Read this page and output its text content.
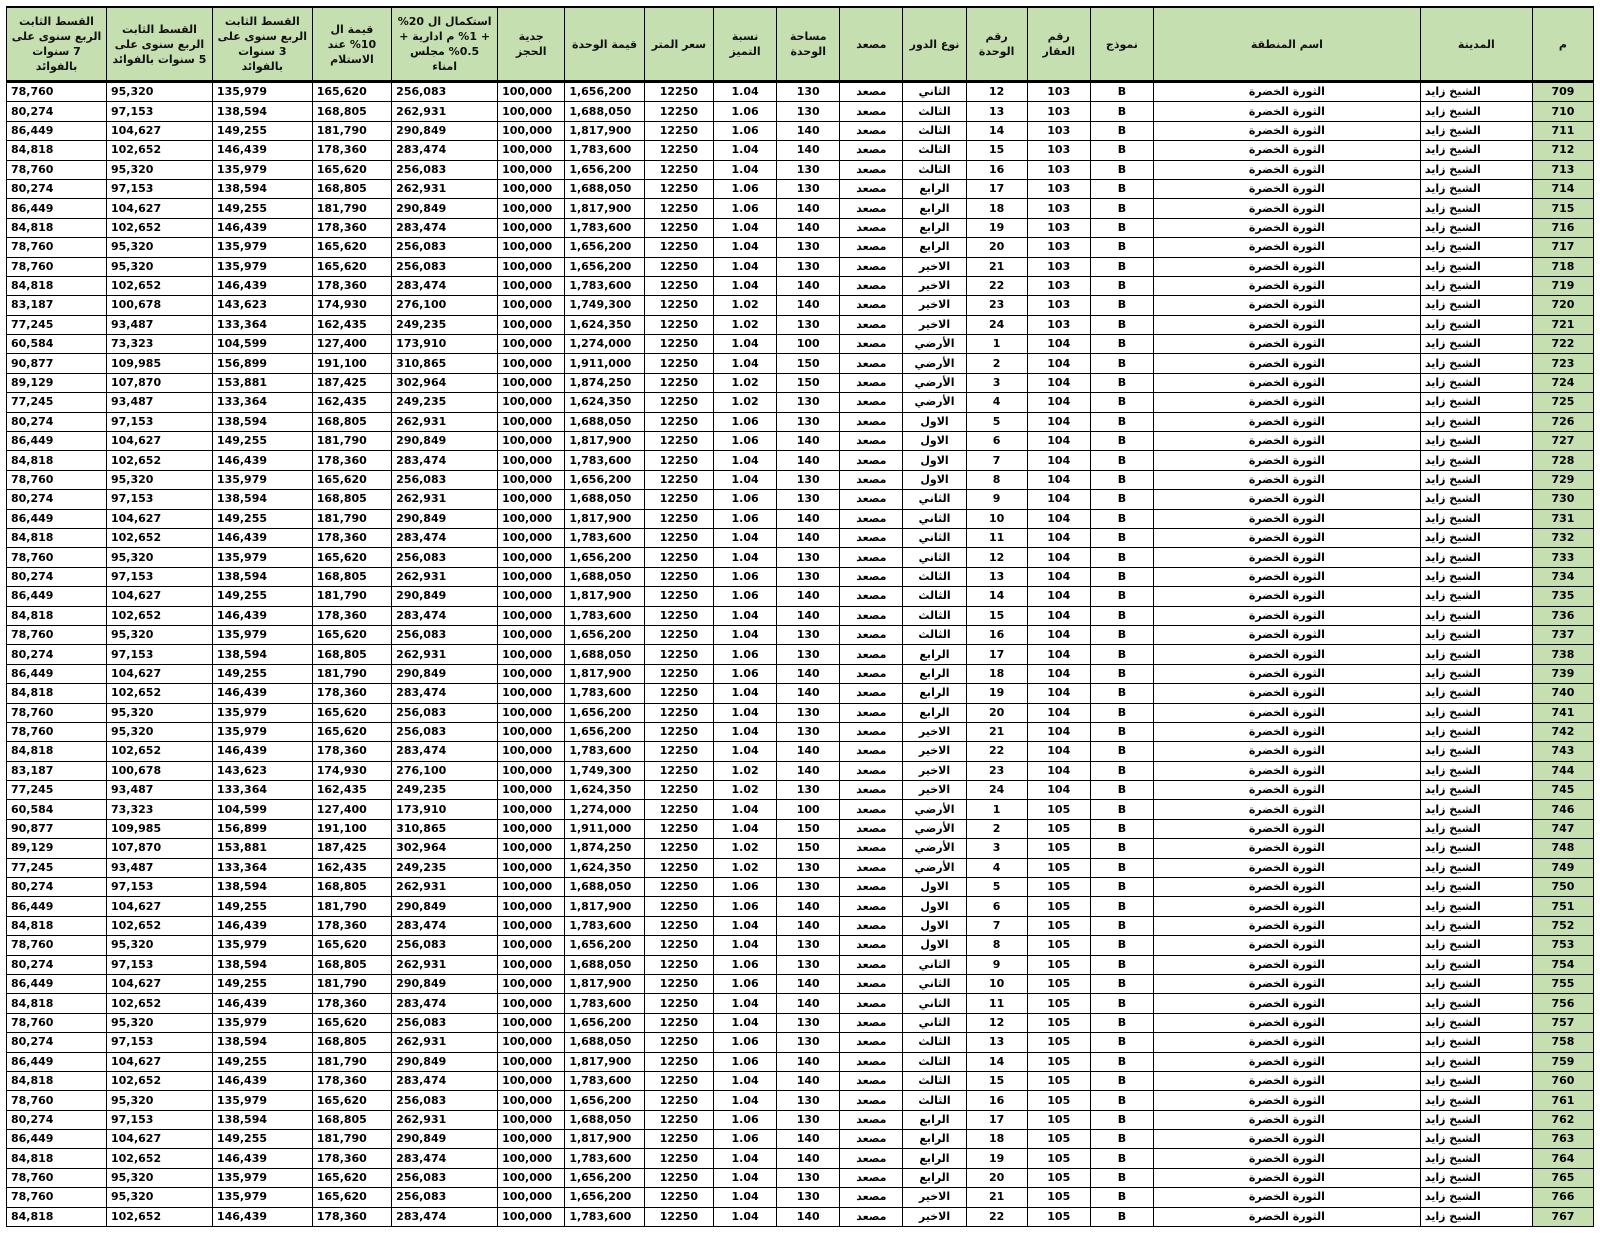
م	المدينة	اسم المنطقة	نموذج	رقم العقار	رقم الوحدة	نوع الدور	مصعد	مساحة الوحدة	نسبة التميز	سعر المتر	قيمة الوحدة	جدية الحجز	استكمال ال 20% + 1% م ادارية + 0.5% مجلس امناء	قيمة ال 10% عند الاستلام	القسط الثابت الربع سنوى على 3 سنوات بالفوائد	القسط الثابت الربع سنوى على 5 سنوات بالفوائد	القسط الثابت الربع سنوى على 7 سنوات بالفوائد
709	الشيخ زايد	الثورة الخضرة	B	103	12	الثاني	مصعد	130	1.04	12250	1,656,200	100,000	256,083	165,620	135,979	95,320	78,760
710	الشيخ زايد	الثورة الخضرة	B	103	13	الثالث	مصعد	130	1.06	12250	1,688,050	100,000	262,931	168,805	138,594	97,153	80,274
711	الشيخ زايد	الثورة الخضرة	B	103	14	الثالث	مصعد	140	1.06	12250	1,817,900	100,000	290,849	181,790	149,255	104,627	86,449
712	الشيخ زايد	الثورة الخضرة	B	103	15	الثالث	مصعد	140	1.04	12250	1,783,600	100,000	283,474	178,360	146,439	102,652	84,818
713	الشيخ زايد	الثورة الخضرة	B	103	16	الثالث	مصعد	130	1.04	12250	1,656,200	100,000	256,083	165,620	135,979	95,320	78,760
714	الشيخ زايد	الثورة الخضرة	B	103	17	الرابع	مصعد	130	1.06	12250	1,688,050	100,000	262,931	168,805	138,594	97,153	80,274
715	الشيخ زايد	الثورة الخضرة	B	103	18	الرابع	مصعد	140	1.06	12250	1,817,900	100,000	290,849	181,790	149,255	104,627	86,449
716	الشيخ زايد	الثورة الخضرة	B	103	19	الرابع	مصعد	140	1.04	12250	1,783,600	100,000	283,474	178,360	146,439	102,652	84,818
717	الشيخ زايد	الثورة الخضرة	B	103	20	الرابع	مصعد	130	1.04	12250	1,656,200	100,000	256,083	165,620	135,979	95,320	78,760
718	الشيخ زايد	الثورة الخضرة	B	103	21	الاخير	مصعد	130	1.04	12250	1,656,200	100,000	256,083	165,620	135,979	95,320	78,760
719	الشيخ زايد	الثورة الخضرة	B	103	22	الاخير	مصعد	140	1.04	12250	1,783,600	100,000	283,474	178,360	146,439	102,652	84,818
720	الشيخ زايد	الثورة الخضرة	B	103	23	الاخير	مصعد	140	1.02	12250	1,749,300	100,000	276,100	174,930	143,623	100,678	83,187
721	الشيخ زايد	الثورة الخضرة	B	103	24	الاخير	مصعد	130	1.02	12250	1,624,350	100,000	249,235	162,435	133,364	93,487	77,245
722	الشيخ زايد	الثورة الخضرة	B	104	1	الأرضي	مصعد	100	1.04	12250	1,274,000	100,000	173,910	127,400	104,599	73,323	60,584
723	الشيخ زايد	الثورة الخضرة	B	104	2	الأرضي	مصعد	150	1.04	12250	1,911,000	100,000	310,865	191,100	156,899	109,985	90,877
724	الشيخ زايد	الثورة الخضرة	B	104	3	الأرضي	مصعد	150	1.02	12250	1,874,250	100,000	302,964	187,425	153,881	107,870	89,129
725	الشيخ زايد	الثورة الخضرة	B	104	4	الأرضي	مصعد	130	1.02	12250	1,624,350	100,000	249,235	162,435	133,364	93,487	77,245
726	الشيخ زايد	الثورة الخضرة	B	104	5	الاول	مصعد	130	1.06	12250	1,688,050	100,000	262,931	168,805	138,594	97,153	80,274
727	الشيخ زايد	الثورة الخضرة	B	104	6	الاول	مصعد	140	1.06	12250	1,817,900	100,000	290,849	181,790	149,255	104,627	86,449
728	الشيخ زايد	الثورة الخضرة	B	104	7	الاول	مصعد	140	1.04	12250	1,783,600	100,000	283,474	178,360	146,439	102,652	84,818
729	الشيخ زايد	الثورة الخضرة	B	104	8	الاول	مصعد	130	1.04	12250	1,656,200	100,000	256,083	165,620	135,979	95,320	78,760
730	الشيخ زايد	الثورة الخضرة	B	104	9	الثاني	مصعد	130	1.06	12250	1,688,050	100,000	262,931	168,805	138,594	97,153	80,274
731	الشيخ زايد	الثورة الخضرة	B	104	10	الثاني	مصعد	140	1.06	12250	1,817,900	100,000	290,849	181,790	149,255	104,627	86,449
732	الشيخ زايد	الثورة الخضرة	B	104	11	الثاني	مصعد	140	1.04	12250	1,783,600	100,000	283,474	178,360	146,439	102,652	84,818
733	الشيخ زايد	الثورة الخضرة	B	104	12	الثاني	مصعد	130	1.04	12250	1,656,200	100,000	256,083	165,620	135,979	95,320	78,760
734	الشيخ زايد	الثورة الخضرة	B	104	13	الثالث	مصعد	130	1.06	12250	1,688,050	100,000	262,931	168,805	138,594	97,153	80,274
735	الشيخ زايد	الثورة الخضرة	B	104	14	الثالث	مصعد	140	1.06	12250	1,817,900	100,000	290,849	181,790	149,255	104,627	86,449
736	الشيخ زايد	الثورة الخضرة	B	104	15	الثالث	مصعد	140	1.04	12250	1,783,600	100,000	283,474	178,360	146,439	102,652	84,818
737	الشيخ زايد	الثورة الخضرة	B	104	16	الثالث	مصعد	130	1.04	12250	1,656,200	100,000	256,083	165,620	135,979	95,320	78,760
738	الشيخ زايد	الثورة الخضرة	B	104	17	الرابع	مصعد	130	1.06	12250	1,688,050	100,000	262,931	168,805	138,594	97,153	80,274
739	الشيخ زايد	الثورة الخضرة	B	104	18	الرابع	مصعد	140	1.06	12250	1,817,900	100,000	290,849	181,790	149,255	104,627	86,449
740	الشيخ زايد	الثورة الخضرة	B	104	19	الرابع	مصعد	140	1.04	12250	1,783,600	100,000	283,474	178,360	146,439	102,652	84,818
741	الشيخ زايد	الثورة الخضرة	B	104	20	الرابع	مصعد	130	1.04	12250	1,656,200	100,000	256,083	165,620	135,979	95,320	78,760
742	الشيخ زايد	الثورة الخضرة	B	104	21	الاخير	مصعد	130	1.04	12250	1,656,200	100,000	256,083	165,620	135,979	95,320	78,760
743	الشيخ زايد	الثورة الخضرة	B	104	22	الاخير	مصعد	140	1.04	12250	1,783,600	100,000	283,474	178,360	146,439	102,652	84,818
744	الشيخ زايد	الثورة الخضرة	B	104	23	الاخير	مصعد	140	1.02	12250	1,749,300	100,000	276,100	174,930	143,623	100,678	83,187
745	الشيخ زايد	الثورة الخضرة	B	104	24	الاخير	مصعد	130	1.02	12250	1,624,350	100,000	249,235	162,435	133,364	93,487	77,245
746	الشيخ زايد	الثورة الخضرة	B	105	1	الأرضي	مصعد	100	1.04	12250	1,274,000	100,000	173,910	127,400	104,599	73,323	60,584
747	الشيخ زايد	الثورة الخضرة	B	105	2	الأرضي	مصعد	150	1.04	12250	1,911,000	100,000	310,865	191,100	156,899	109,985	90,877
748	الشيخ زايد	الثورة الخضرة	B	105	3	الأرضي	مصعد	150	1.02	12250	1,874,250	100,000	302,964	187,425	153,881	107,870	89,129
749	الشيخ زايد	الثورة الخضرة	B	105	4	الأرضي	مصعد	130	1.02	12250	1,624,350	100,000	249,235	162,435	133,364	93,487	77,245
750	الشيخ زايد	الثورة الخضرة	B	105	5	الاول	مصعد	130	1.06	12250	1,688,050	100,000	262,931	168,805	138,594	97,153	80,274
751	الشيخ زايد	الثورة الخضرة	B	105	6	الاول	مصعد	140	1.06	12250	1,817,900	100,000	290,849	181,790	149,255	104,627	86,449
752	الشيخ زايد	الثورة الخضرة	B	105	7	الاول	مصعد	140	1.04	12250	1,783,600	100,000	283,474	178,360	146,439	102,652	84,818
753	الشيخ زايد	الثورة الخضرة	B	105	8	الاول	مصعد	130	1.04	12250	1,656,200	100,000	256,083	165,620	135,979	95,320	78,760
754	الشيخ زايد	الثورة الخضرة	B	105	9	الثاني	مصعد	130	1.06	12250	1,688,050	100,000	262,931	168,805	138,594	97,153	80,274
755	الشيخ زايد	الثورة الخضرة	B	105	10	الثاني	مصعد	140	1.06	12250	1,817,900	100,000	290,849	181,790	149,255	104,627	86,449
756	الشيخ زايد	الثورة الخضرة	B	105	11	الثاني	مصعد	140	1.04	12250	1,783,600	100,000	283,474	178,360	146,439	102,652	84,818
757	الشيخ زايد	الثورة الخضرة	B	105	12	الثاني	مصعد	130	1.04	12250	1,656,200	100,000	256,083	165,620	135,979	95,320	78,760
758	الشيخ زايد	الثورة الخضرة	B	105	13	الثالث	مصعد	130	1.06	12250	1,688,050	100,000	262,931	168,805	138,594	97,153	80,274
759	الشيخ زايد	الثورة الخضرة	B	105	14	الثالث	مصعد	140	1.06	12250	1,817,900	100,000	290,849	181,790	149,255	104,627	86,449
760	الشيخ زايد	الثورة الخضرة	B	105	15	الثالث	مصعد	140	1.04	12250	1,783,600	100,000	283,474	178,360	146,439	102,652	84,818
761	الشيخ زايد	الثورة الخضرة	B	105	16	الثالث	مصعد	130	1.04	12250	1,656,200	100,000	256,083	165,620	135,979	95,320	78,760
762	الشيخ زايد	الثورة الخضرة	B	105	17	الرابع	مصعد	130	1.06	12250	1,688,050	100,000	262,931	168,805	138,594	97,153	80,274
763	الشيخ زايد	الثورة الخضرة	B	105	18	الرابع	مصعد	140	1.06	12250	1,817,900	100,000	290,849	181,790	149,255	104,627	86,449
764	الشيخ زايد	الثورة الخضرة	B	105	19	الرابع	مصعد	140	1.04	12250	1,783,600	100,000	283,474	178,360	146,439	102,652	84,818
765	الشيخ زايد	الثورة الخضرة	B	105	20	الرابع	مصعد	130	1.04	12250	1,656,200	100,000	256,083	165,620	135,979	95,320	78,760
766	الشيخ زايد	الثورة الخضرة	B	105	21	الاخير	مصعد	130	1.04	12250	1,656,200	100,000	256,083	165,620	135,979	95,320	78,760
767	الشيخ زايد	الثورة الخضرة	B	105	22	الاخير	مصعد	140	1.04	12250	1,783,600	100,000	283,474	178,360	146,439	102,652	84,818
